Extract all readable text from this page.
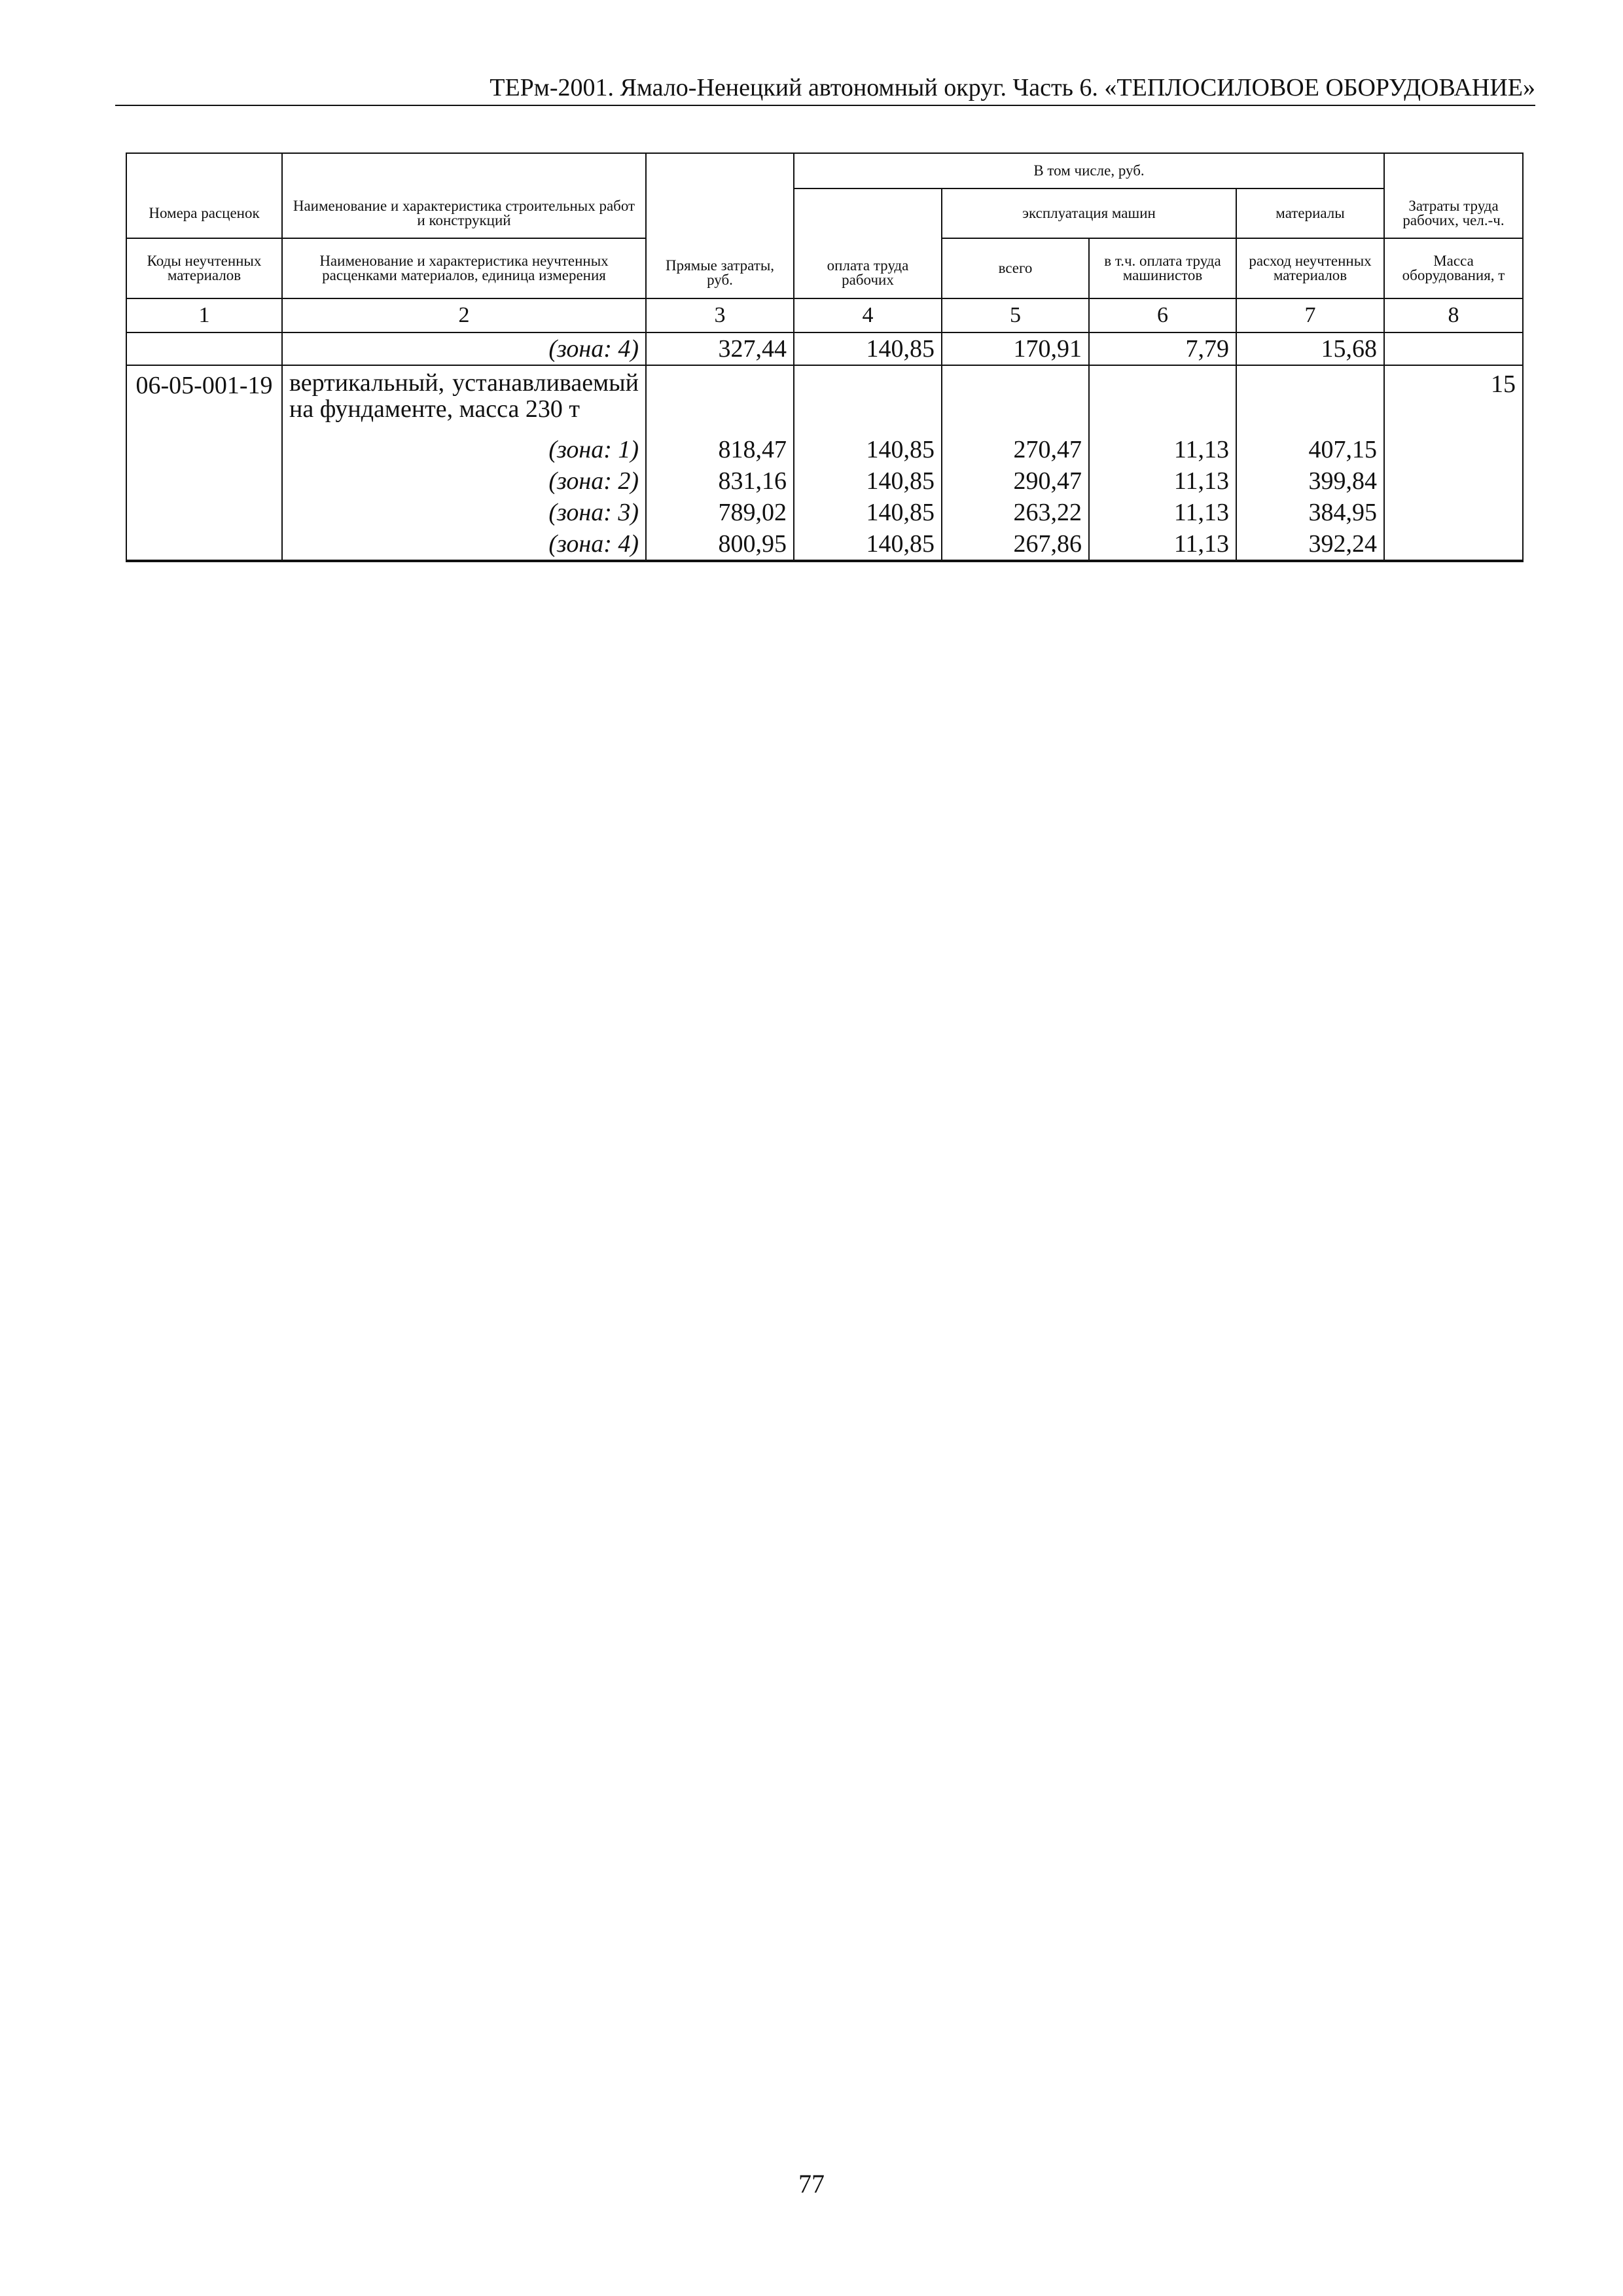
ТЕРм-2001. Ямало-Ненецкий автономный округ. Часть 6. «ТЕПЛОСИЛОВОЕ ОБОРУДОВАНИЕ»
		Прямые затраты, руб.	В том числе, руб.				
Номера расценок	Наименование и характеристика строительных работ и конструкций		оплата труда рабочих	эксплуатация машин		материалы	Затраты труда рабочих, чел.-ч.

Коды неучтенных материалов	Наименование и характеристика неучтенных расценками материалов, единица измерения			всего	в т.ч. оплата труда машинистов	расход неучтенных материалов	Масса оборудования, т
1	2	3	4	5	6	7	8
	(зона: 4)	327,44	140,85	170,91	7,79	15,68	
06-05-001-19	вертикальный, устанавливаемый на фундаменте, масса 230 т						15
	(зона: 1)	818,47	140,85	270,47	11,13	407,15	
	(зона: 2)	831,16	140,85	290,47	11,13	399,84	
	(зона: 3)	789,02	140,85	263,22	11,13	384,95	
	(зона: 4)	800,95	140,85	267,86	11,13	392,24	
77
